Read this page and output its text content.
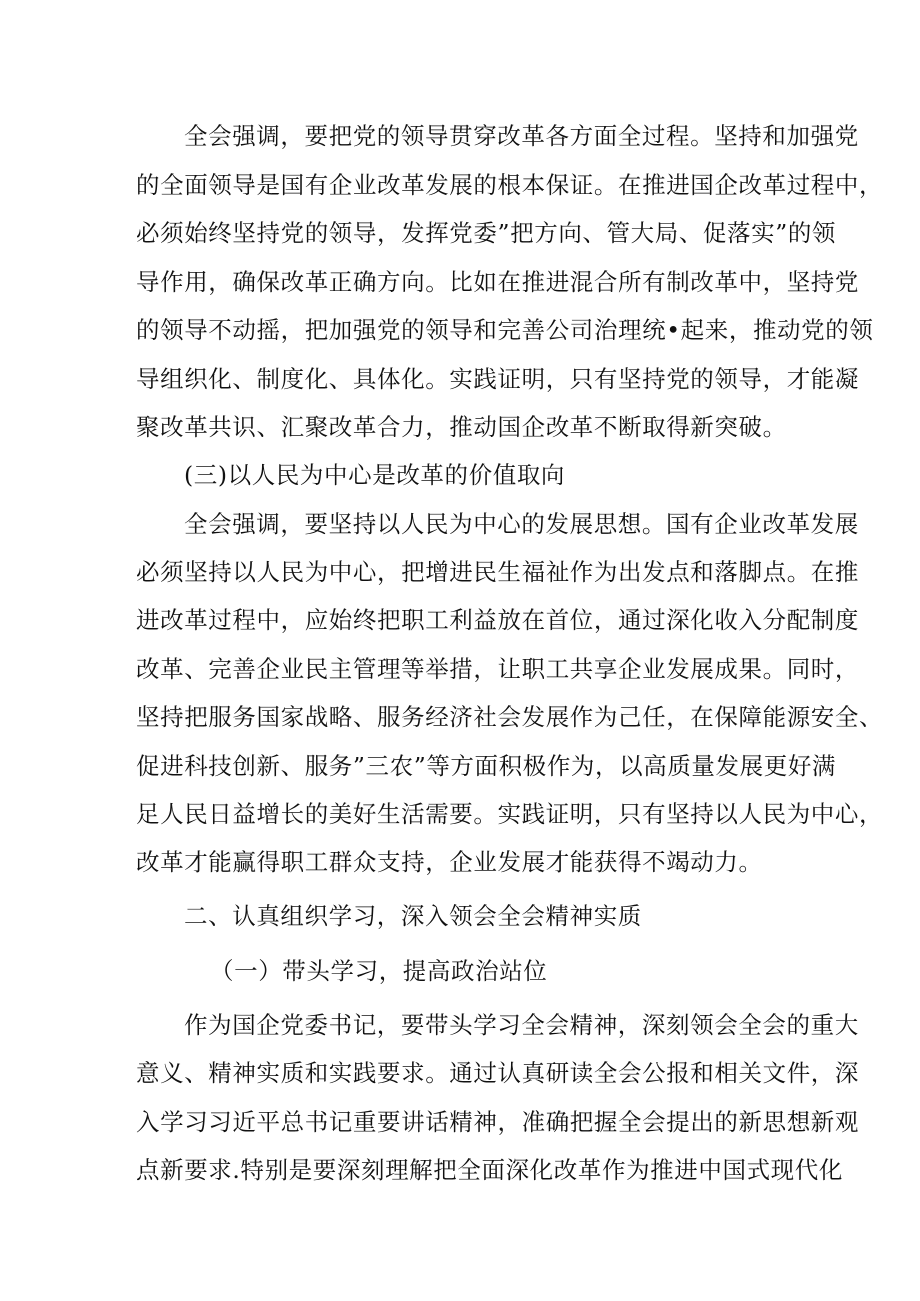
全会强调，要把党的领导贯穿改革各方面全过程。坚持和加强党
的全面领导是国有企业改革发展的根本保证。在推进国企改革过程中，
必须始终坚持党的领导，发挥党委”把方向、管大局、促落实”的领
导作用，确保改革正确方向。比如在推进混合所有制改革中，坚持党
的领导不动摇，把加强党的领导和完善公司治理统•起来，推动党的领
导组织化、制度化、具体化。实践证明，只有坚持党的领导，才能凝
聚改革共识、汇聚改革合力，推动国企改革不断取得新突破。
(三)以人民为中心是改革的价值取向
全会强调，要坚持以人民为中心的发展思想。国有企业改革发展
必须坚持以人民为中心，把增进民生福祉作为出发点和落脚点。在推
进改革过程中，应始终把职工利益放在首位，通过深化收入分配制度
改革、完善企业民主管理等举措，让职工共享企业发展成果。同时，
坚持把服务国家战略、服务经济社会发展作为己任，在保障能源安全、
促进科技创新、服务”三农”等方面积极作为，以高质量发展更好满
足人民日益增长的美好生活需要。实践证明，只有坚持以人民为中心，
改革才能赢得职工群众支持，企业发展才能获得不竭动力。
二、认真组织学习，深入领会全会精神实质
（一）带头学习，提高政治站位
作为国企党委书记，要带头学习全会精神，深刻领会全会的重大
意义、精神实质和实践要求。通过认真研读全会公报和相关文件，深
入学习习近平总书记重要讲话精神，准确把握全会提出的新思想新观
点新要求.特别是要深刻理解把全面深化改革作为推进中国式现代化
